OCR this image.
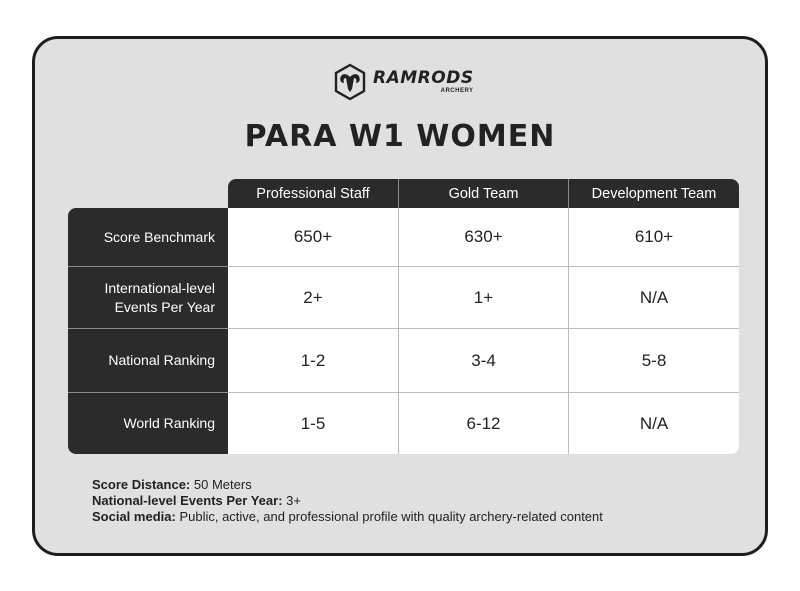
RAMRODS
ARCHERY
PARA W1 WOMEN
Professional Staff	Gold Team	Development Team
Score Benchmark	650+	630+	610+
International-level Events Per Year	2+	1+	N/A
National Ranking	1-2	3-4	5-8
World Ranking	1-5	6-12	N/A
Score Distance: 50 Meters
National-level Events Per Year: 3+
Social media: Public, active, and professional profile with quality archery-related content
